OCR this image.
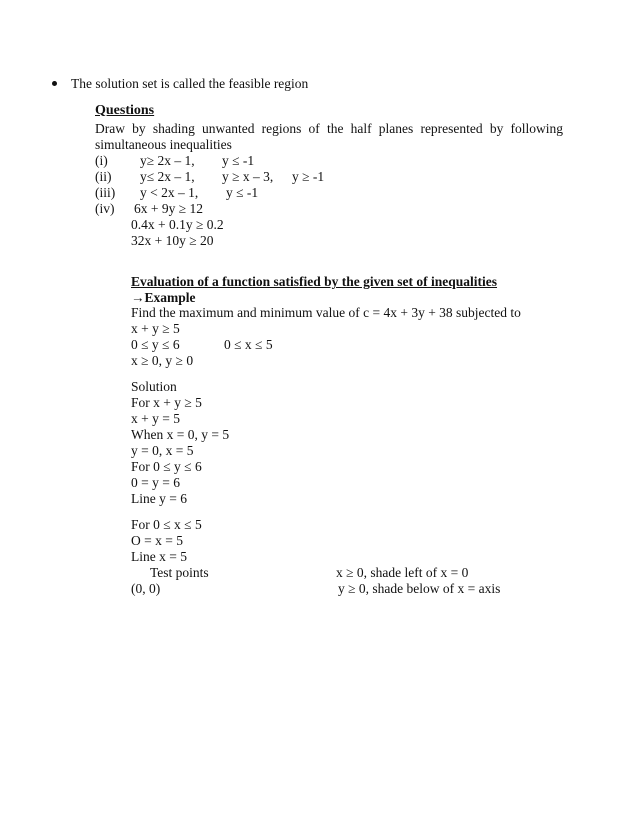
The solution set is called the feasible region
Questions
Draw by shading unwanted regions of the half planes represented by following simultaneous inequalities
(i) y≥ 2x – 1, y ≤ -1
(ii) y≤ 2x – 1, y ≥ x – 3, y ≥ -1
(iii) y < 2x – 1, y ≤ -1
(iv) 6x + 9y ≥ 12
0.4x + 0.1y ≥ 0.2
32x + 10y ≥ 20
Evaluation of a function satisfied by the given set of inequalities
→Example
Find the maximum and minimum value of c = 4x + 3y + 38 subjected to
x + y ≥ 5
0 ≤ y ≤ 6	0 ≤ x ≤ 5
x ≥ 0, y ≥ 0
Solution
For x + y ≥ 5
x + y = 5
When x = 0, y = 5
y = 0, x = 5
For 0 ≤ y ≤ 6
0 = y = 6
Line y = 6
For 0 ≤ x ≤ 5
O = x = 5
Line x = 5
Test points
(0, 0)
x ≥ 0, shade left of x = 0
y ≥ 0, shade below of x = axis
